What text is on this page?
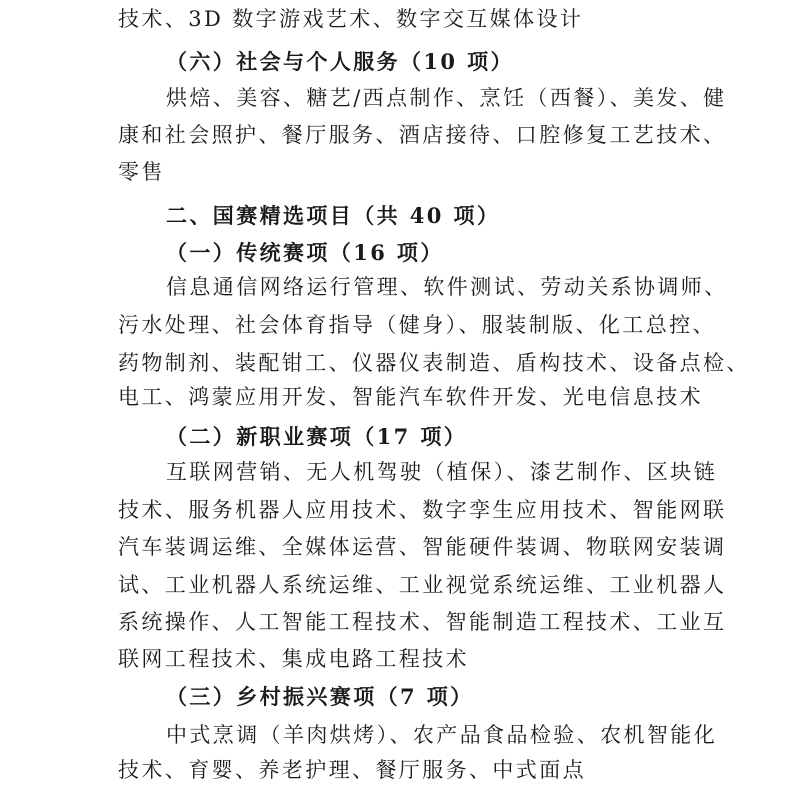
技术、3D 数字游戏艺术、数字交互媒体设计
（六）社会与个人服务（10 项）
烘焙、美容、糖艺/西点制作、烹饪（西餐）、美发、健
康和社会照护、餐厅服务、酒店接待、口腔修复工艺技术、
零售
二、国赛精选项目（共 40 项）
（一）传统赛项（16 项）
信息通信网络运行管理、软件测试、劳动关系协调师、
污水处理、社会体育指导（健身）、服装制版、化工总控、
药物制剂、装配钳工、仪器仪表制造、盾构技术、设备点检、
电工、鸿蒙应用开发、智能汽车软件开发、光电信息技术
（二）新职业赛项（17 项）
互联网营销、无人机驾驶（植保）、漆艺制作、区块链
技术、服务机器人应用技术、数字孪生应用技术、智能网联
汽车装调运维、全媒体运营、智能硬件装调、物联网安装调
试、工业机器人系统运维、工业视觉系统运维、工业机器人
系统操作、人工智能工程技术、智能制造工程技术、工业互
联网工程技术、集成电路工程技术
（三）乡村振兴赛项（7 项）
中式烹调（羊肉烘烤）、农产品食品检验、农机智能化
技术、育婴、养老护理、餐厅服务、中式面点
